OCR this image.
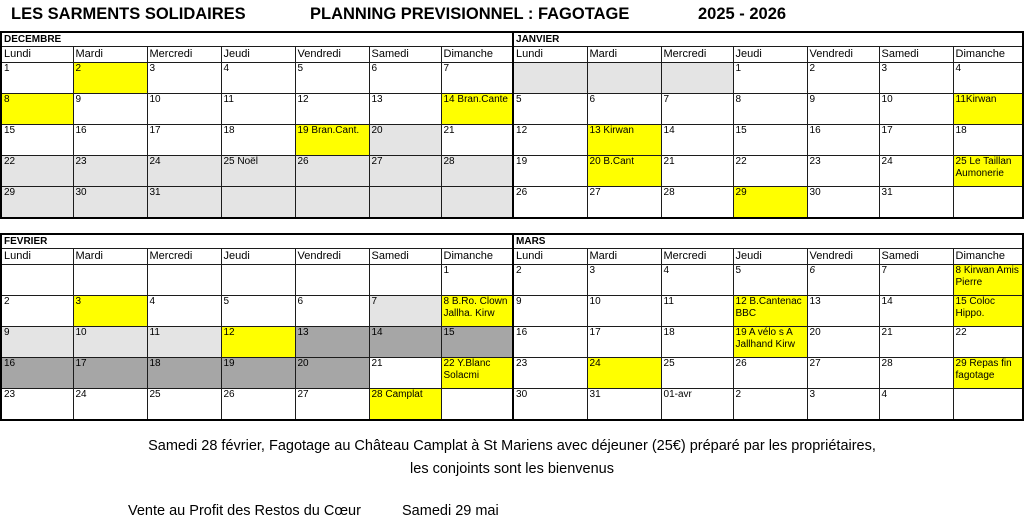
LES SARMENTS SOLIDAIRES	PLANNING PREVISIONNEL : FAGOTAGE	2025 - 2026
DECEMBRE							JANVIER						
Lundi	Mardi	Mercredi	Jeudi	Vendredi	Samedi	Dimanche	Lundi	Mardi	Mercredi	Jeudi	Vendredi	Samedi	Dimanche
1	2	3	4	5	6	7				1	2	3	4
8	9	10	11	12	13	14 Bran.Cante	5	6	7	8	9	10	11Kirwan
15	16	17	18	19 Bran.Cant.	20	21	12	13 Kirwan	14	15	16	17	18
22	23	24	25 Noël	26	27	28	19	20 B.Cant	21	22	23	24	25 Le Taillan Aumonerie
29	30	31					26	27	28	29	30	31	
FEVRIER							MARS						
Lundi	Mardi	Mercredi	Jeudi	Vendredi	Samedi	Dimanche	Lundi	Mardi	Mercredi	Jeudi	Vendredi	Samedi	Dimanche
						1	2	3	4	5	6	7	8 Kirwan Amis Pierre
2	3	4	5	6	7	8 B.Ro. Clown Jallha. Kirw	9	10	11	12 B.Cantenac BBC	13	14	15 Coloc Hippo.
9	10	11	12	13	14	15	16	17	18	19 A vélo s A Jallhand Kirw	20	21	22
16	17	18	19	20	21	22 Y.Blanc Solacmi	23	24	25	26	27	28	29 Repas fin fagotage
23	24	25	26	27	28 Camplat		30	31	01-avr	2	3	4	
Samedi 28 février, Fagotage au Château Camplat à St Mariens avec déjeuner (25€) préparé par les propriétaires,
les conjoints sont les bienvenus
Vente au Profit des Restos du Cœur	Samedi 29 mai
